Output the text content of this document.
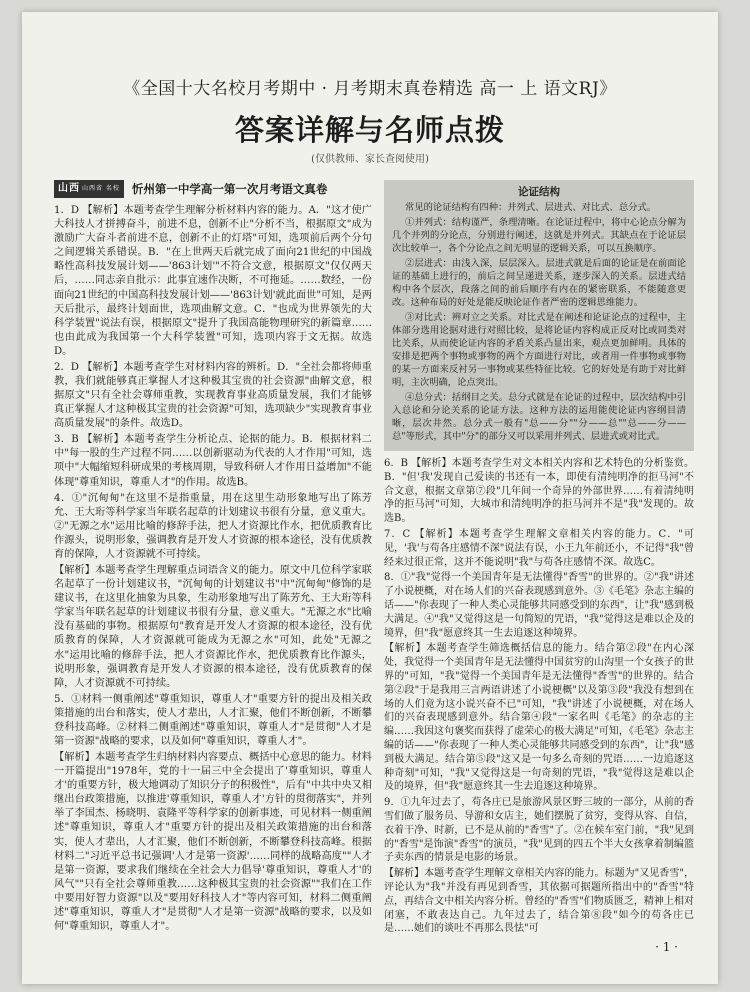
《全国十大名校月考期中 · 月考期末真卷精选 高一 上 语文RJ》
答案详解与名师点拨
(仅供教师、家长查阅使用)
山西 山西省 名校	忻州第一中学高一第一次月考语文真卷

1．D 【解析】本题考查学生理解分析材料内容的能力。A．"这才使广大科技人才拼搏奋斗，前进不息，创新不止"分析不当，根据原文"成为激励广大奋斗者前进不息，创新不止的灯塔"可知，选项前后两个分句之间逻辑关系错误。B．"在上世两天后就完成了面向21世纪的中国战略性高科技发展计划——'863计划'"不符合文意，根据原文"仅仅两天后，……同志亲自批示：此事宜速作决断，不可拖延。……数经，一份面向21世纪的中国高科技发展计划——'863计划'就此面世"可知，是两天后批示，最终计划面世，选项曲解文意。C．"也成为世界领先的大科学装置"说法有误，根据原文"提升了我国高能物理研究的新篇章……也由此成为我国第一个大科学装置"可知，选项内容于文无据。故选D。

2．D 【解析】本题考查学生对材料内容的辨析。D．"全社会都将师重教，我们就能够真正掌握人才这种极其宝贵的社会资源"曲解文意，根据原文"只有全社会尊师重教，实现教育事业高质量发展，我们才能够真正掌握人才这种极其宝贵的社会资源"可知，选项缺少"实现教育事业高质量发展"的条件。故选D。

3．B 【解析】本题考查学生分析论点、论据的能力。B．根据材料二中"每一股的生产过程不同……以创新驱动为代表的人才作用"可知，选项中"大幅缩短科研成果的考核周期，导致科研人才作用日益增加"不能体现"尊重知识，尊重人才"的作用。故选B。

4．①"沉甸甸"在这里不是指重量，用在这里生动形象地写出了陈芳允、王大珩等科学家当年联名起草的计划建议书很有分量，意义重大。②"无源之水"运用比喻的修辞手法，把人才资源比作水，把优质教育比作源头，说明形象，强调教育是开发人才资源的根本途径，没有优质教育的保障，人才资源就不可持续。

【解析】本题考查学生理解重点词语含义的能力。原文中几位科学家联名起草了一份计划建议书，"沉甸甸的计划建议书"中"沉甸甸"修饰的是建议书，在这里化抽象为具象，生动形象地写出了陈芳允、王大珩等科学家当年联名起草的计划建议书很有分量，意义重大。"无源之水"比喻没有基础的事物。根据原句"教育是开发人才资源的根本途径，没有优质教育的保障，人才资源就可能成为无源之水"可知，此处"无源之水"运用比喻的修辞手法，把人才资源比作水，把优质教育比作源头，说明形象，强调教育是开发人才资源的根本途径，没有优质教育的保障，人才资源就不可持续。

5．①材料一侧重阐述"尊重知识，尊重人才"重要方针的提出及相关政策措施的出台和落实，使人才辈出，人才汇聚，他们不断创新，不断攀登科技高峰。②材料二侧重阐述"尊重知识，尊重人才"是贯彻"人才是第一资源"战略的要求，以及如何"尊重知识，尊重人才"。

【解析】本题考查学生归纳材料内容要点、概括中心意思的能力。材料一开篇提出"1978年，党的十一届三中全会提出了'尊重知识，尊重人才'的重要方针，极大地调动了知识分子的积极性"，后有"中共中央又相继出台政策措施，以推进'尊重知识，尊重人才'方针的贯彻落实"，并列举了李国杰、杨晓明、袁隆平等科学家的创新事迹，可见材料一侧重阐述"尊重知识，尊重人才"重要方针的提出及相关政策措施的出台和落实，使人才辈出，人才汇聚，他们不断创新，不断攀登科技高峰。根据材料二"习近平总书记强调'人才是第一资源'……同样的战略高度""人才是第一资源，要求我们继续在全社会大力倡导'尊重知识，尊重人才'的风气""只有全社会尊师重教……这种极其宝贵的社会资源""我们在工作中要用好智力资源"以及"要用好科技人才"等内容可知，材料二侧重阐述"尊重知识，尊重人才"是贯彻"人才是第一资源"战略的要求，以及如何"尊重知识，尊重人才"。

论证结构

常见的论证结构有四种：并列式、层进式、对比式、总分式。

①并列式：结构谨严，条理清晰。在论证过程中，将中心论点分解为几个并列的分论点，分别进行阐述，这就是并列式。其缺点在于论证层次比较单一，各个分论点之间无明显的逻辑关系，可以互换顺序。

②层进式：由浅入深，层层深入。层进式就是后面的论证是在前面论证的基础上进行的，前后之间呈递进关系，逐步深入的关系。层进式结构中各个层次，段落之间的前后顺序有内在的紧密联系，不能随意更改。这种布局的好处是能反映论证作者严密的逻辑思维能力。

③对比式：辨对立之关系。对比式是在阐述和论证论点的过程中，主体部分选用论据对进行对照比较，是将论证内容构成正反对比或同类对比关系，从而使论证内容的矛盾关系凸显出来，观点更加鲜明。具体的安排是把两个事物或事物的两个方面进行对比，或者用一件事物或事物的某一方面来反衬另一事物或某些特征比较。它的好处是有助于对比鲜明，主次明确，论点突出。

④总分式：括纲目之关。总分式就是在论证的过程中，层次结构中引入总论和分论关系的论证方法。这种方法的运用能使论证内容纲目清晰，层次井然。总分式一般有"总——分""分——总""总——分——总"等形式，其中"分"的部分又可以采用并列式、层进式或对比式。

6．B 【解析】本题考查学生对文本相关内容和艺术特色的分析鉴赏。B．"但'我'发现自己爱读的书还有一本，即使有清纯明净的拒马河"不合文意，根据文章第⑦段"几年间一个奇异的外部世界……有着清纯明净的拒马河"可知，大城市和清纯明净的拒马河并不是"我"发现的。故选B。

7．C 【解析】本题考查学生理解文章相关内容的能力。C．"可见，'我'与苟各庄感情不深"说法有误，小王九年前还小，不记得"我"曾经来过很正常，这并不能说明"我"与苟各庄感情不深。故选C。

8．①"我"觉得一个美国青年是无法懂得"香雪"的世界的。②"我"讲述了小说梗概，对在场人们的兴奋表现感到意外。③《毛笔》杂志主编的话——"你表现了一种人类心灵能够共同感受到的东西"，让"我"感到极大满足。④"我"又觉得这是一句简短的咒语，"我"觉得这是难以企及的境界，但"我"愿意终其一生去追逐这种境界。

【解析】本题考查学生筛选概括信息的能力。结合第②段"在内心深处，我觉得一个美国青年是无法懂得中国贫穷的山沟里一个女孩子的世界的"可知，"我"觉得一个美国青年是无法懂得"香雪"的世界的。结合第②段"于是我用三言两语讲述了小说梗概"以及第③段"我没有想到在场的人们竟为这小说兴奋不已"可知，"我"讲述了小说梗概，对在场人们的兴奋表现感到意外。结合第④段"一家名叫《毛笔》的杂志的主编……我因这句褒奖而获得了虚荣心的极大满足"可知，《毛笔》杂志主编的话——"你表现了一种人类心灵能够共同感受到的东西"，让"我"感到极大满足。结合第⑤段"这又是一句多么奇刻的咒语……一边追逐这种奇刻"可知，"我"又觉得这是一句奇刻的咒语，"我"觉得这是难以企及的境界，但"我"愿意终其一生去追逐这种境界。

9．①九年过去了，苟各庄已是旅游风景区野三坡的一部分，从前的香雪们做了服务员、导游和女店主，她们摆脱了贫穷，变得从容、自信，衣着干净、时新，已不是从前的"香雪"了。②在候车室门前，"我"见到的"香雪"是饰演"香雪"的演员，"我"见到的四五个半大女孩拿着制编篮子卖东西的情景是电影的场景。

【解析】本题考查学生理解文章相关内容的能力。标题为"又见香雪"，评论认为"我"并没有再见到香雪，其依据可据题所指出中的"香雪"特点，再结合文中相关内容分析。曾经的"香雪"们物质匮乏，精神上相对闭塞，不敢表达自己。九年过去了，结合第⑧段"如今的苟各庄已是……她们的谈吐不再那么畏怯"可

· 1 ·
